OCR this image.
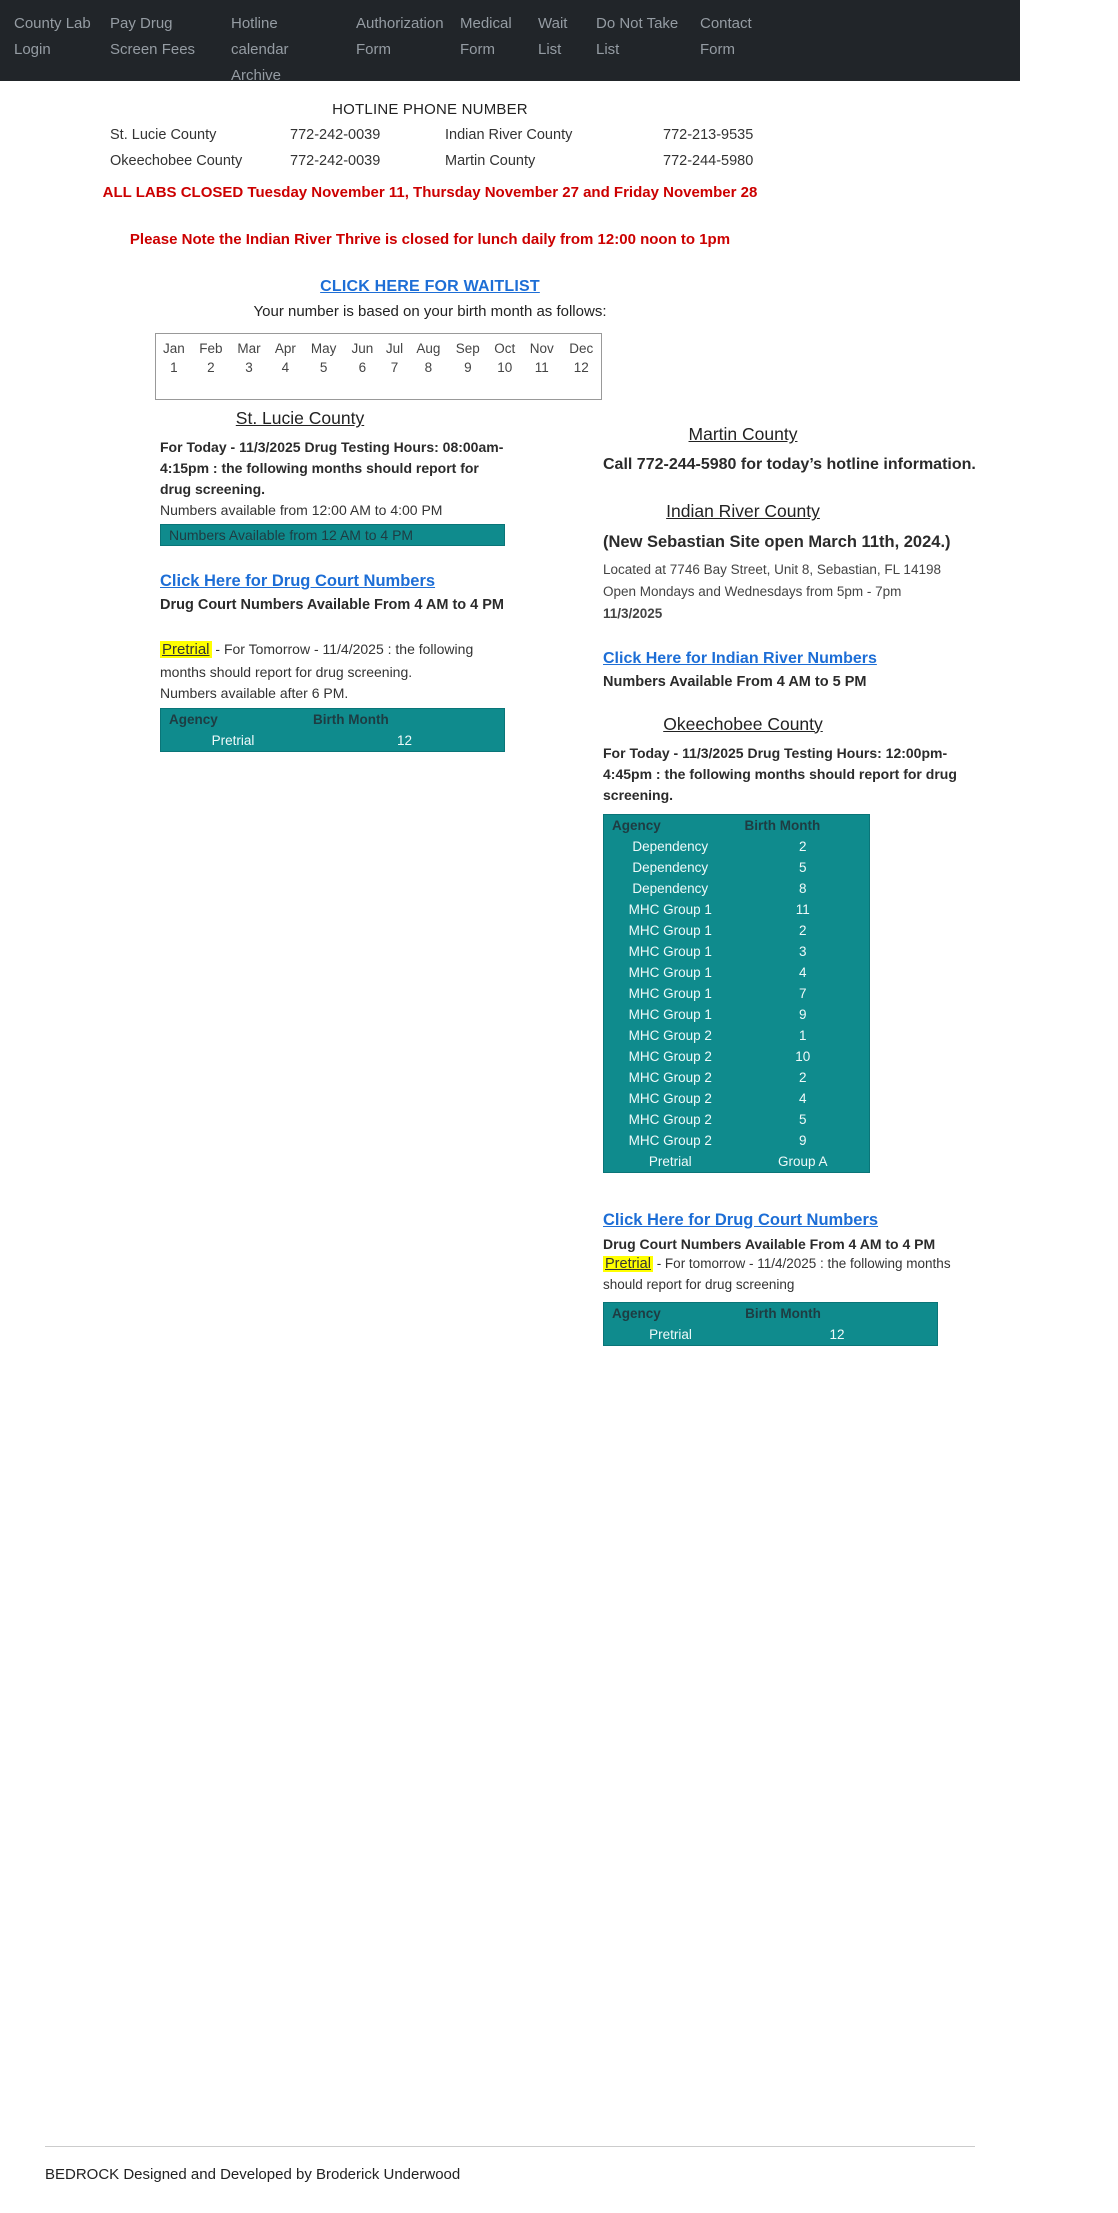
County Lab Login
Pay Drug Screen Fees
Hotline calendar Archive
Authorization Form
Medical Form
Wait List
Do Not Take List
Contact Form
HOTLINE PHONE NUMBER
St. Lucie County	772-242-0039	Indian River County	772-213-9535
Okeechobee County	772-242-0039	Martin County	772-244-5980
ALL LABS CLOSED Tuesday November 11, Thursday November 27 and Friday November 28
Please Note the Indian River Thrive is closed for lunch daily from 12:00 noon to 1pm
CLICK HERE FOR WAITLIST
Your number is based on your birth month as follows:
Jan	Feb	Mar	Apr	May	Jun	Jul	Aug	Sep	Oct	Nov	Dec
1	2	3	4	5	6	7	8	9	10	11	12
St. Lucie County
For Today - 11/3/2025 Drug Testing Hours: 08:00am-4:15pm : the following months should report for drug screening.
Numbers available from 12:00 AM to 4:00 PM
Numbers Available from 12 AM to 4 PM
Click Here for Drug Court Numbers
Drug Court Numbers Available From 4 AM to 4 PM
Pretrial - For Tomorrow - 11/4/2025 : the following months should report for drug screening.
Numbers available after 6 PM.
Agency	Birth Month
Pretrial	12
Martin County
Call 772-244-5980 for today’s hotline information.
Indian River County
(New Sebastian Site open March 11th, 2024.)
Located at 7746 Bay Street, Unit 8, Sebastian, FL 14198
Open Mondays and Wednesdays from 5pm - 7pm
11/3/2025
Click Here for Indian River Numbers
Numbers Available From 4 AM to 5 PM
Okeechobee County
For Today - 11/3/2025 Drug Testing Hours: 12:00pm-4:45pm : the following months should report for drug screening.
Agency	Birth Month
Dependency	2
Dependency	5
Dependency	8
MHC Group 1	11
MHC Group 1	2
MHC Group 1	3
MHC Group 1	4
MHC Group 1	7
MHC Group 1	9
MHC Group 2	1
MHC Group 2	10
MHC Group 2	2
MHC Group 2	4
MHC Group 2	5
MHC Group 2	9
Pretrial	Group A
Click Here for Drug Court Numbers
Drug Court Numbers Available From 4 AM to 4 PM
Pretrial - For tomorrow - 11/4/2025 : the following months should report for drug screening
Agency	Birth Month
Pretrial	12
BEDROCK Designed and Developed by Broderick Underwood
